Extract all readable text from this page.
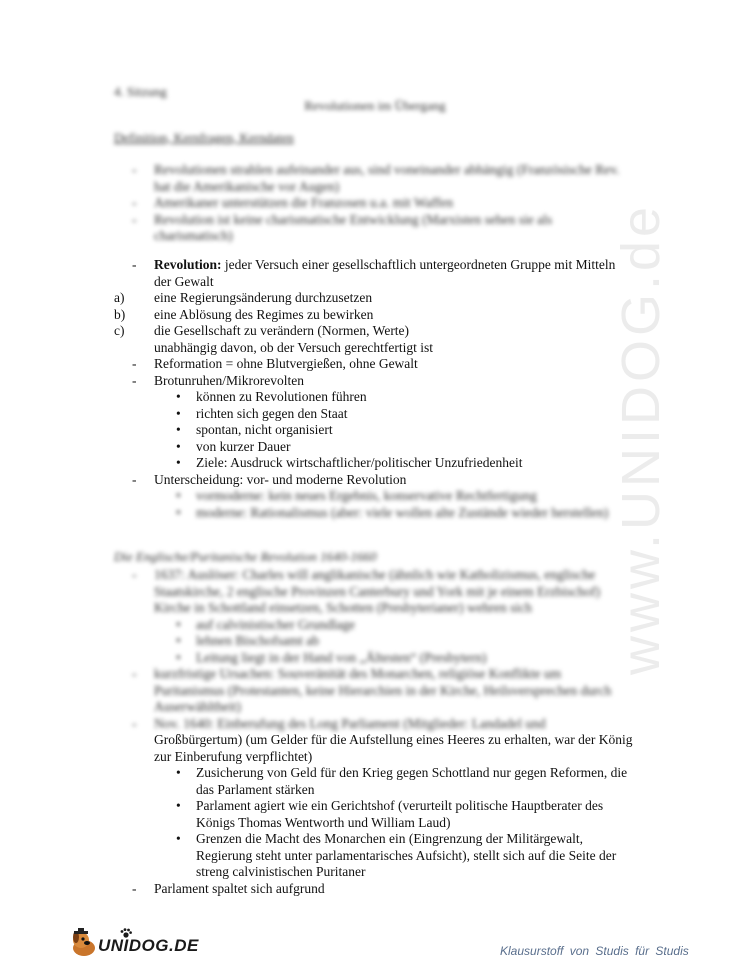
4. Sitzung
Revolutionen im Übergang
Definition, Kernfragen, Kerndaten
- Revolutionen strahlen aufeinander aus, sind voneinander abhängig (Französische Rev. hat die Amerikanische vor Augen)
- Amerikaner unterstützen die Franzosen u.a. mit Waffen
- Revolution ist keine charismatische Entwicklung (Marxisten sehen sie als charismatisch)
- Revolution: jeder Versuch einer gesellschaftlich untergeordneten Gruppe mit Mitteln der Gewalt
a) eine Regierungsänderung durchzusetzen
b) eine Ablösung des Regimes zu bewirken
c) die Gesellschaft zu verändern (Normen, Werte)
unabhängig davon, ob der Versuch gerechtfertigt ist
- Reformation = ohne Blutvergießen, ohne Gewalt
- Brotunruhen/Mikrorevolten
• können zu Revolutionen führen
• richten sich gegen den Staat
• spontan, nicht organisiert
• von kurzer Dauer
• Ziele: Ausdruck wirtschaftlicher/politischer Unzufriedenheit
- Unterscheidung: vor- und moderne Revolution
• vormoderne: kein neues Ergebnis, konservative Rechtfertigung
• moderne: Rationalismus (aber: viele wollen alte Zustände wieder herstellen)
Die Englische/Puritanische Revolution 1640-1660
- 1637: Auslöser: Charles will anglikanische (ähnlich wie Katholizismus, englische Staatskirche, 2 englische Provinzen Canterbury und York mit je einem Erzbischof) Kirche in Schottland einsetzen, Schotten (Presbyterianer) wehren sich
• auf calvinistischer Grundlage
• lehnen Bischofsamt ab
• Leitung liegt in der Hand von „Ältesten“ (Presbytern)
- kurzfristige Ursachen: Souveränität des Monarchen, religiöse Konflikte um Puritanismus (Protestanten, keine Hierarchien in der Kirche, Heilsversprechen durch Auserwähltheit)
- Nov. 1640: Einberufung des Long Parliament (Mitglieder: Landadel und
Großbürgertum) (um Gelder für die Aufstellung eines Heeres zu erhalten, war der König zur Einberufung verpflichtet)
• Zusicherung von Geld für den Krieg gegen Schottland nur gegen Reformen, die das Parlament stärken
• Parlament agiert wie ein Gerichtshof (verurteilt politische Hauptberater des Königs Thomas Wentworth und William Laud)
• Grenzen die Macht des Monarchen ein (Eingrenzung der Militärgewalt, Regierung steht unter parlamentarisches Aufsicht), stellt sich auf die Seite der streng calvinistischen Puritaner
- Parlament spaltet sich aufgrund
www.UNIDOG.de
UNIDOG.DE	Klausurstoff von Studis für Studis
